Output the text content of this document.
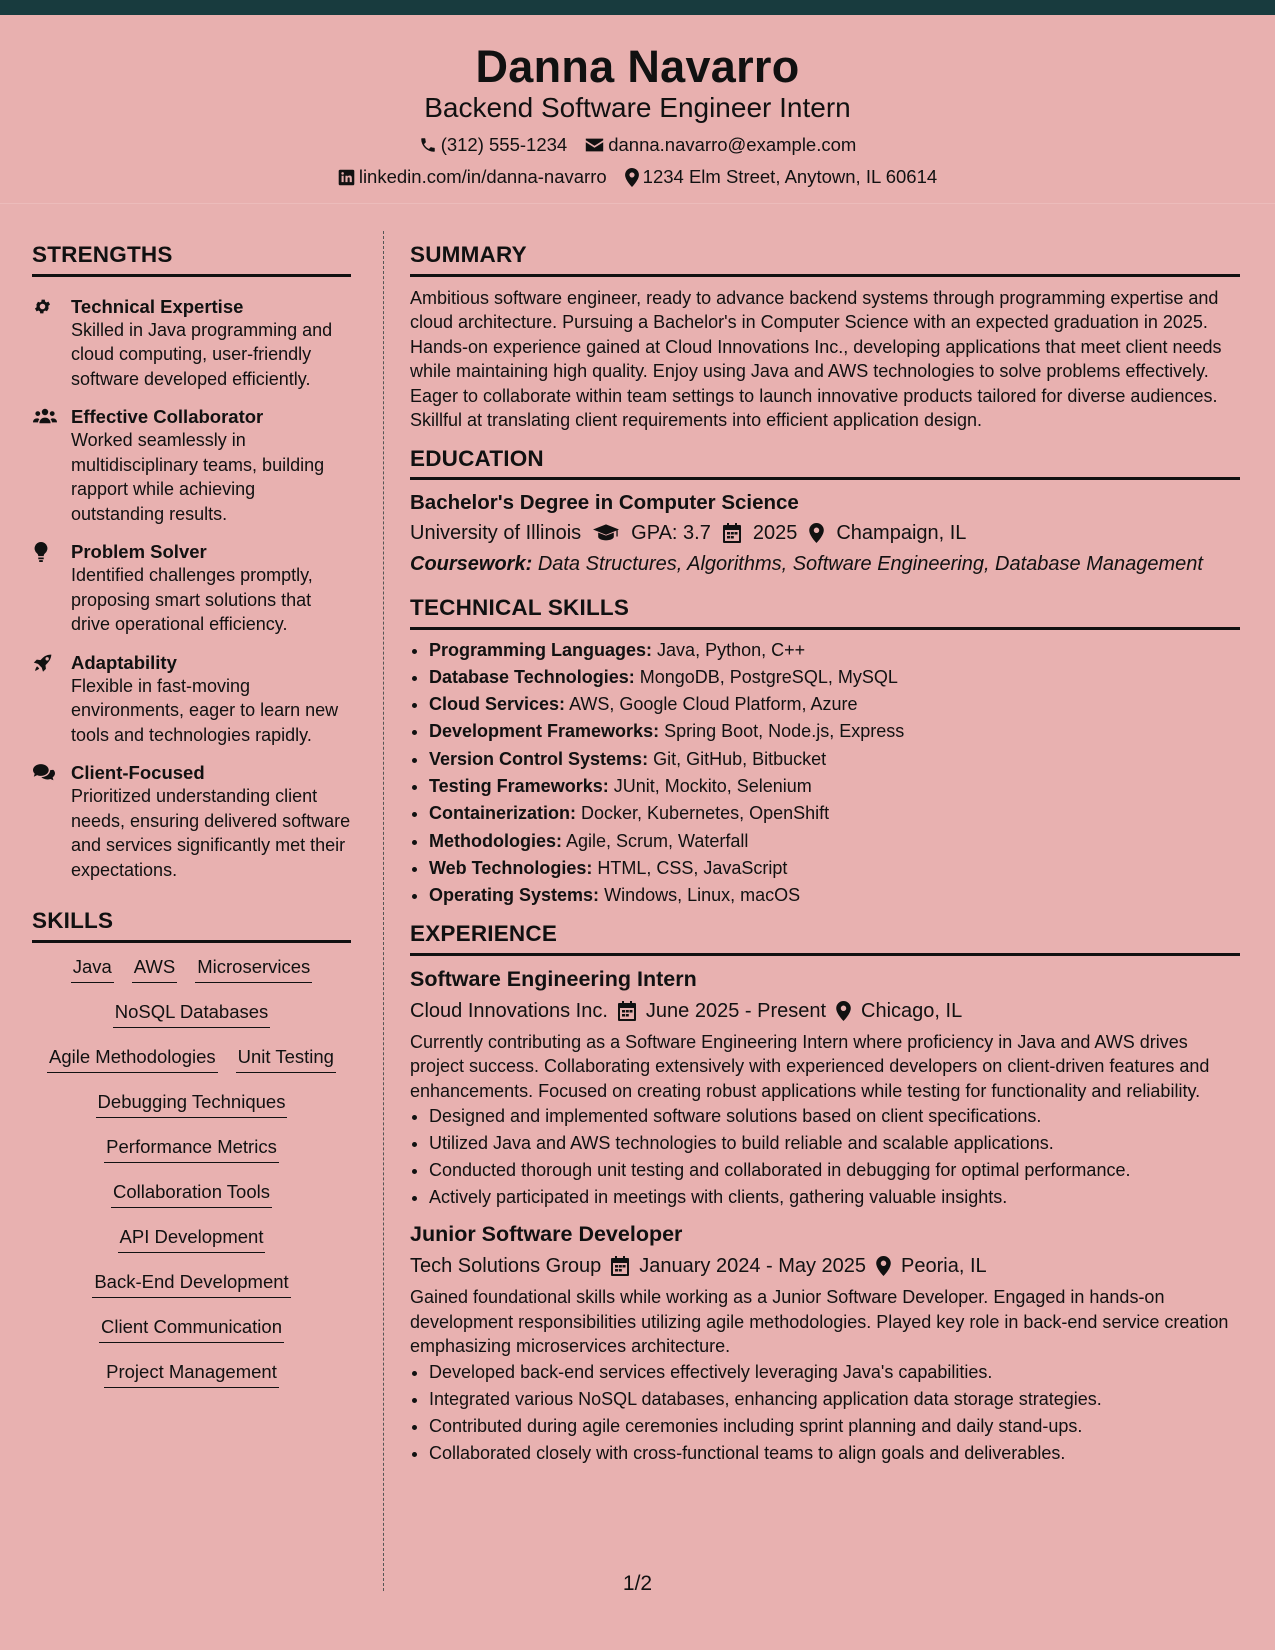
Danna Navarro
Backend Software Engineer Intern
(312) 555-1234 danna.navarro@example.com
linkedin.com/in/danna-navarro 1234 Elm Street, Anytown, IL 60614
STRENGTHS
Technical Expertise
Skilled in Java programming and cloud computing, user-friendly software developed efficiently.
Effective Collaborator
Worked seamlessly in multidisciplinary teams, building rapport while achieving outstanding results.
Problem Solver
Identified challenges promptly, proposing smart solutions that drive operational efficiency.
Adaptability
Flexible in fast-moving environments, eager to learn new tools and technologies rapidly.
Client-Focused
Prioritized understanding client needs, ensuring delivered software and services significantly met their expectations.
SKILLS
Java AWS Microservices
NoSQL Databases
Agile Methodologies Unit Testing
Debugging Techniques
Performance Metrics
Collaboration Tools
API Development
Back-End Development
Client Communication
Project Management
SUMMARY

Ambitious software engineer, ready to advance backend systems through programming expertise and cloud architecture. Pursuing a Bachelor's in Computer Science with an expected graduation in 2025. Hands-on experience gained at Cloud Innovations Inc., developing applications that meet client needs while maintaining high quality. Enjoy using Java and AWS technologies to solve problems effectively. Eager to collaborate within team settings to launch innovative products tailored for diverse audiences. Skillful at translating client requirements into efficient application design.

EDUCATION
Bachelor's Degree in Computer Science
University of Illinois	GPA: 3.7 2025 Champaign, IL
Coursework: Data Structures, Algorithms, Software Engineering, Database Management
TECHNICAL SKILLS
• Programming Languages: Java, Python, C++
• Database Technologies: MongoDB, PostgreSQL, MySQL
• Cloud Services: AWS, Google Cloud Platform, Azure
• Development Frameworks: Spring Boot, Node.js, Express
• Version Control Systems: Git, GitHub, Bitbucket
• Testing Frameworks: JUnit, Mockito, Selenium
• Containerization: Docker, Kubernetes, OpenShift
• Methodologies: Agile, Scrum, Waterfall
• Web Technologies: HTML, CSS, JavaScript
• Operating Systems: Windows, Linux, macOS
EXPERIENCE
Software Engineering Intern
Cloud Innovations Inc. June 2025 - Present Chicago, IL

Currently contributing as a Software Engineering Intern where proficiency in Java and AWS drives project success. Collaborating extensively with experienced developers on client-driven features and enhancements. Focused on creating robust applications while testing for functionality and reliability.

• Designed and implemented software solutions based on client specifications.
• Utilized Java and AWS technologies to build reliable and scalable applications.
• Conducted thorough unit testing and collaborated in debugging for optimal performance.
• Actively participated in meetings with clients, gathering valuable insights.
Junior Software Developer
Tech Solutions Group January 2024 - May 2025 Peoria, IL

Gained foundational skills while working as a Junior Software Developer. Engaged in hands-on development responsibilities utilizing agile methodologies. Played key role in back-end service creation emphasizing microservices architecture.

• Developed back-end services effectively leveraging Java's capabilities.
• Integrated various NoSQL databases, enhancing application data storage strategies.
• Contributed during agile ceremonies including sprint planning and daily stand-ups.
• Collaborated closely with cross-functional teams to align goals and deliverables.
1/2
